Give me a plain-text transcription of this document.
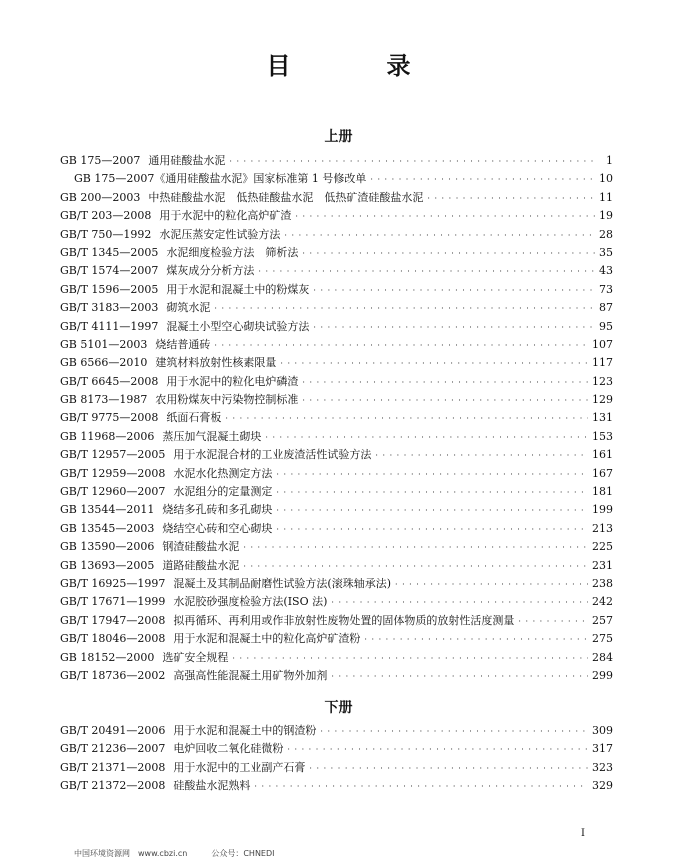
目　录
上册
GB 175—2007 通用硅酸盐水泥 · · ·	1
GB 175—2007《通用硅酸盐水泥》国家标准第 1 号修改单 · · ·	10
GB 200—2003 中热硅酸盐水泥　低热硅酸盐水泥　低热矿渣硅酸盐水泥 · · ·	11
GB/T 203—2008 用于水泥中的粒化高炉矿渣 · · ·	19
GB/T 750—1992 水泥压蒸安定性试验方法 · · ·	28
GB/T 1345—2005 水泥细度检验方法　筛析法 · · ·	35
GB/T 1574—2007 煤灰成分分析方法 · · ·	43
GB/T 1596—2005 用于水泥和混凝土中的粉煤灰 · · ·	73
GB/T 3183—2003 砌筑水泥 · · ·	87
GB/T 4111—1997 混凝土小型空心砌块试验方法 · · ·	95
GB 5101—2003 烧结普通砖 · · ·	107
GB 6566—2010 建筑材料放射性核素限量 · · ·	117
GB/T 6645—2008 用于水泥中的粒化电炉磷渣 · · ·	123
GB 8173—1987 农用粉煤灰中污染物控制标准 · · ·	129
GB/T 9775—2008 纸面石膏板 · · ·	131
GB 11968—2006 蒸压加气混凝土砌块 · · ·	153
GB/T 12957—2005 用于水泥混合材的工业废渣活性试验方法 · · ·	161
GB/T 12959—2008 水泥水化热测定方法 · · ·	167
GB/T 12960—2007 水泥组分的定量测定 · · ·	181
GB 13544—2011 烧结多孔砖和多孔砌块 · · ·	199
GB 13545—2003 烧结空心砖和空心砌块 · · ·	213
GB 13590—2006 钢渣硅酸盐水泥 · · ·	225
GB 13693—2005 道路硅酸盐水泥 · · ·	231
GB/T 16925—1997 混凝土及其制品耐磨性试验方法(滚珠轴承法) · · ·	238
GB/T 17671—1999 水泥胶砂强度检验方法(ISO 法) · · ·	242
GB/T 17947—2008 拟再循环、再利用或作非放射性废物处置的固体物质的放射性活度测量 · · ·	257
GB/T 18046—2008 用于水泥和混凝土中的粒化高炉矿渣粉 · · ·	275
GB 18152—2000 选矿安全规程 · · ·	284
GB/T 18736—2002 高强高性能混凝土用矿物外加剂 · · ·	299
下册
GB/T 20491—2006 用于水泥和混凝土中的钢渣粉 · · ·	309
GB/T 21236—2007 电炉回收二氧化硅微粉 · · ·	317
GB/T 21371—2008 用于水泥中的工业副产石膏 · · ·	323
GB/T 21372—2008 硅酸盐水泥熟料 · · ·	329
I
中国环境资源网　www.cbzi.cn　　　公众号：CHNEDI
